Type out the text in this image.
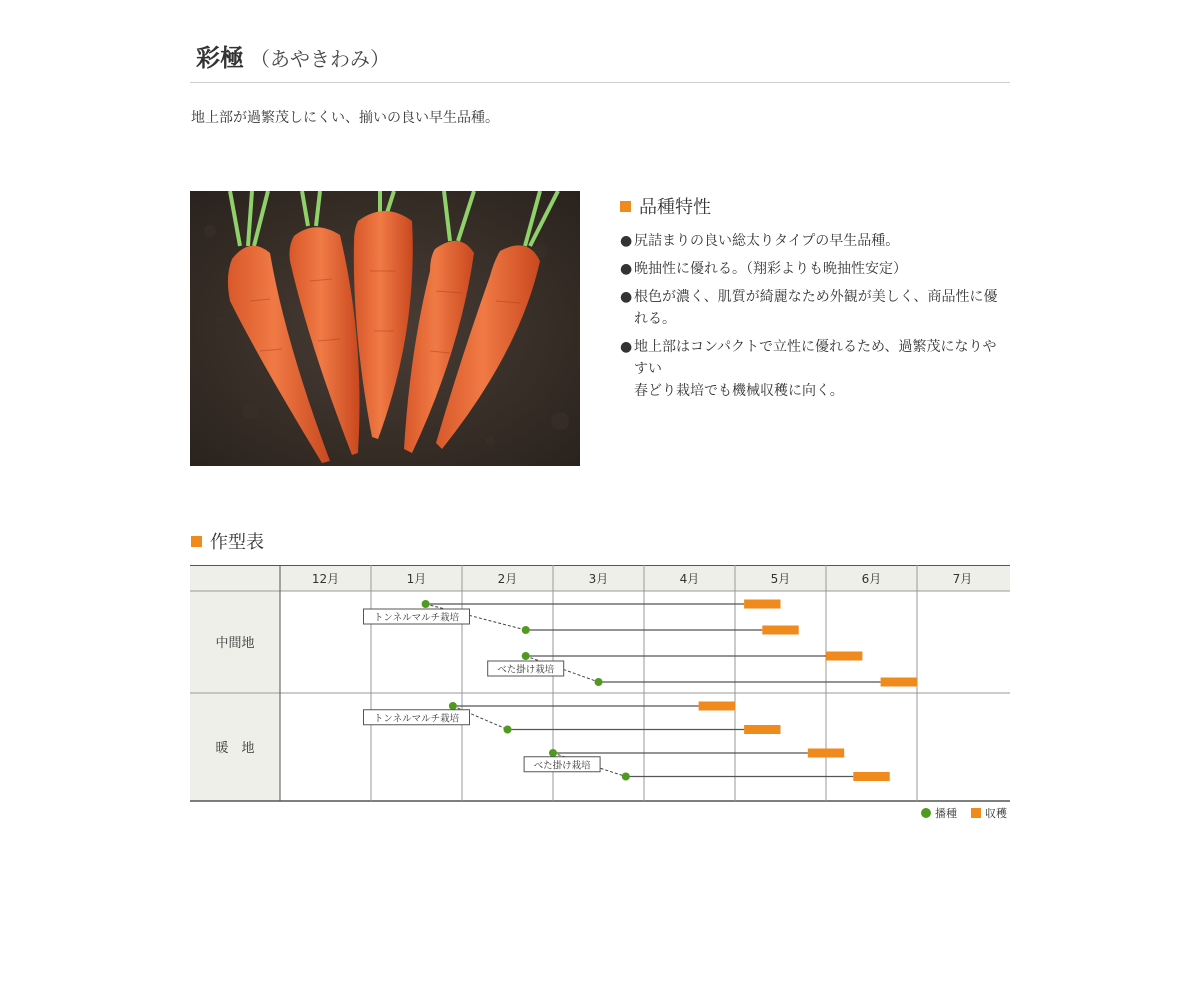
彩極 （あやきわみ）
地上部が過繁茂しにくい、揃いの良い早生品種。
品種特性
● 尻詰まりの良い総太りタイプの早生品種。
● 晩抽性に優れる。（翔彩よりも晩抽性安定）
● 根色が濃く、肌質が綺麗なため外観が美しく、商品性に優れる。
● 地上部はコンパクトで立性に優れるため、過繁茂になりやすい
春どり栽培でも機械収穫に向く。
作型表
12月	1月	2月	3月	4月	5月	6月	7月
中間地
トンネルマルチ栽培
べた掛け栽培
暖　地
トンネルマルチ栽培
べた掛け栽培
播種	収穫
